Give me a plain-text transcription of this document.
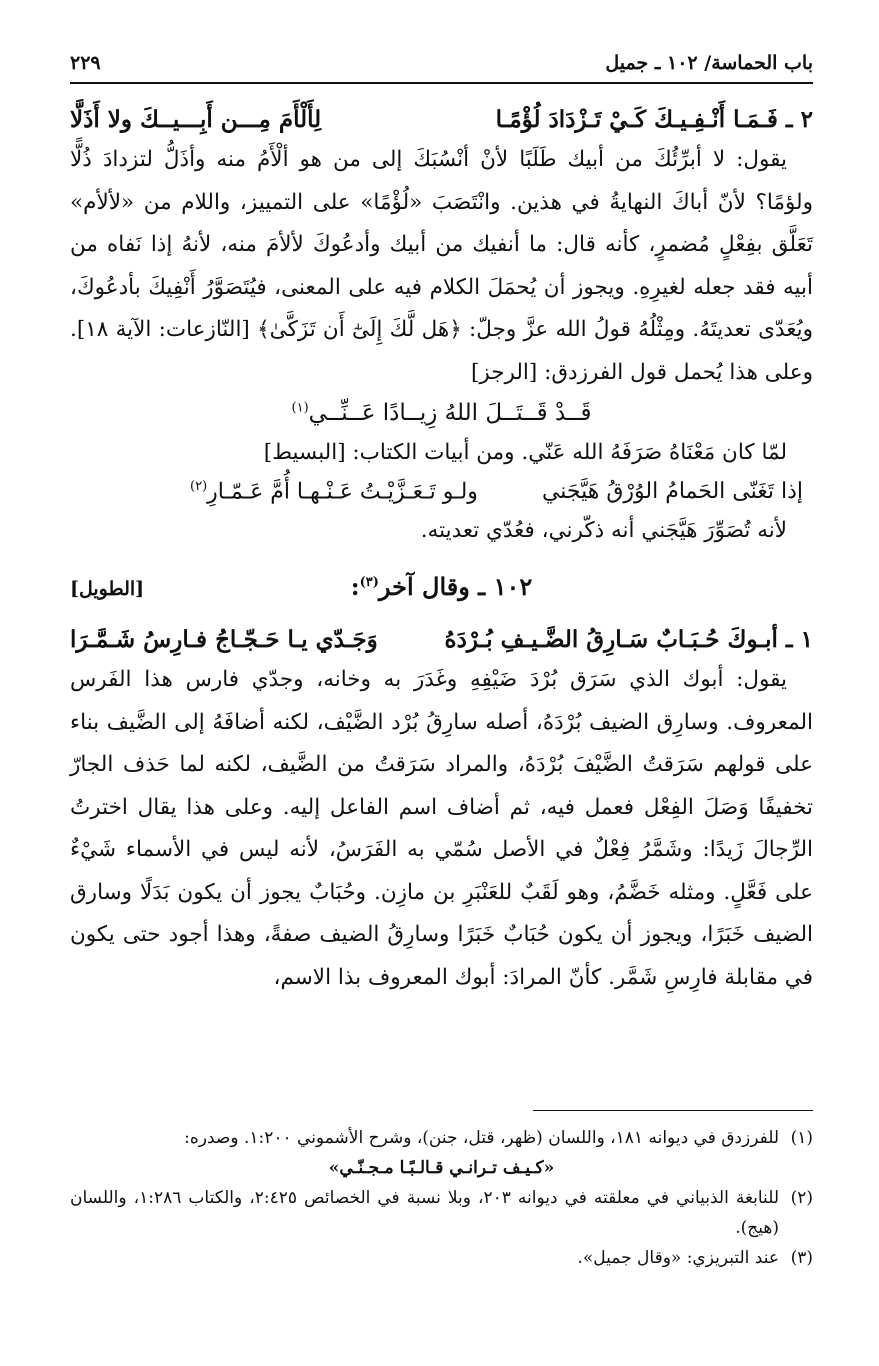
باب الحماسة/ ١٠٢ ـ جميل
٢٢٩
٢ ـ فَـمَـا أَنْـفِـيـكَ كَـيْ تَـزْدَادَ لُؤْمًـا
لِأَلْأَمَ مِـــن أَبِـــيــكَ ولا أَذَلَّا

يقول: لا أبرِّئُكَ من أبيك طَلَبًا لأنْ أنْسُبَكَ إلى من هو ألْأَمُ منه وأذَلُّ لتزدادَ ذُلًّا ولؤمًا؟ لأنّ أباكَ النهايةُ في هذين. وانْتَصَبَ «لُؤْمًا» على التمييز، واللام من «لألأم» تَعَلَّق بفِعْلٍ مُضمرٍ، كأنه قال: ما أنفيك من أبيك وأدعُوكَ لألأمَ منه، لأنهُ إذا نَفاه من أبيه فقد جعله لغيرِهِ. ويجوز أن يُحمَلَ الكلام فيه على المعنى، فيُتَصَوَّرُ أَنْفِيكَ بأدعُوكَ، ويُعَدّى تعديتَهُ. ومِثْلُهُ قولُ الله عزَّ وجلّ: ﴿هَل لَّكَ إِلَىٰٓ أَن تَزَكَّىٰ﴾ [النّازعات: الآية ١٨]. وعلى هذا يُحمل قول الفرزدق: [الرجز]

قَــدْ قَــتَــلَ اللهُ زِيــادًا عَــنِّــي$^{(١)}$

لمّا كان مَعْنَاهُ صَرَفَهُ الله عَنّي. ومن أبيات الكتاب: [البسيط]

إذا تَغَنّى الحَمامُ الوُرْقُ هَيَّجَني
ولـو تَـعَـزَّيْـتُ عَـنْـهـا أُمَّ عَـمّـارِ$^{(٢)}$

لأنه تُصَوِّرَ هَيَّجَني أنه ذكّرني، فعُدّي تعديته.

١٠٢ ـ وقال آخر$^{(٣)}$:
[الطويل]
١ ـ أبـوكَ حُـبَـابٌ سَـارِقُ الضَّـيـفِ بُـرْدَهُ
وَجَـدّي يـا حَـجّـاجُ فـارِسُ شَـمَّـرَا

يقول: أبوك الذي سَرَق بُرْدَ ضَيْفِهِ وغَدَرَ به وخانه، وجدّي فارس هذا الفَرس المعروف. وسارِق الضيف بُرْدَهُ، أصله سارِقُ بُرْد الضَّيْف، لكنه أضافَهُ إلى الضَّيف بناء على قولهم سَرَقتُ الضَّيْفَ بُرْدَهُ، والمراد سَرَقتُ من الضَّيف، لكنه لما حَذف الجارّ تخفيفًا وَصَلَ الفِعْل فعمل فيه، ثم أضاف اسم الفاعل إليه. وعلى هذا يقال اخترتُ الرِّجالَ زَيدًا: وشَمَّرُ فِعْلٌ في الأصل سُمّي به الفَرَسُ، لأنه ليس في الأسماء شَيْءٌ على فَعَّلٍ. ومثله خَضَّمُ، وهو لَقَبٌ للعَنْبَرِ بن مازِن. وحُبَابٌ يجوز أن يكون بَدَلًا وسارق الضيف خَبَرًا، ويجوز أن يكون حُبَابٌ خَبَرًا وسارِقُ الضيف صفةً، وهذا أجود حتى يكون في مقابلة فارِسِ شَمَّر. كأنّ المرادَ: أبوك المعروف بذا الاسم،

(١)
للفرزدق في ديوانه ١٨١، واللسان (ظهر، قتل، جنن)، وشرح الأشموني ١:٢٠٠. وصدره:
«كـيـف تـرانـي قـالـبًـا مـجـنّـي»
(٢)
للنابغة الذبياني في معلقته في ديوانه ٢٠٣، وبلا نسبة في الخصائص ٢:٤٢٥، والكتاب ١:٢٨٦، واللسان (هيج).
(٣)
عند التبريزي: «وقال جميل».
